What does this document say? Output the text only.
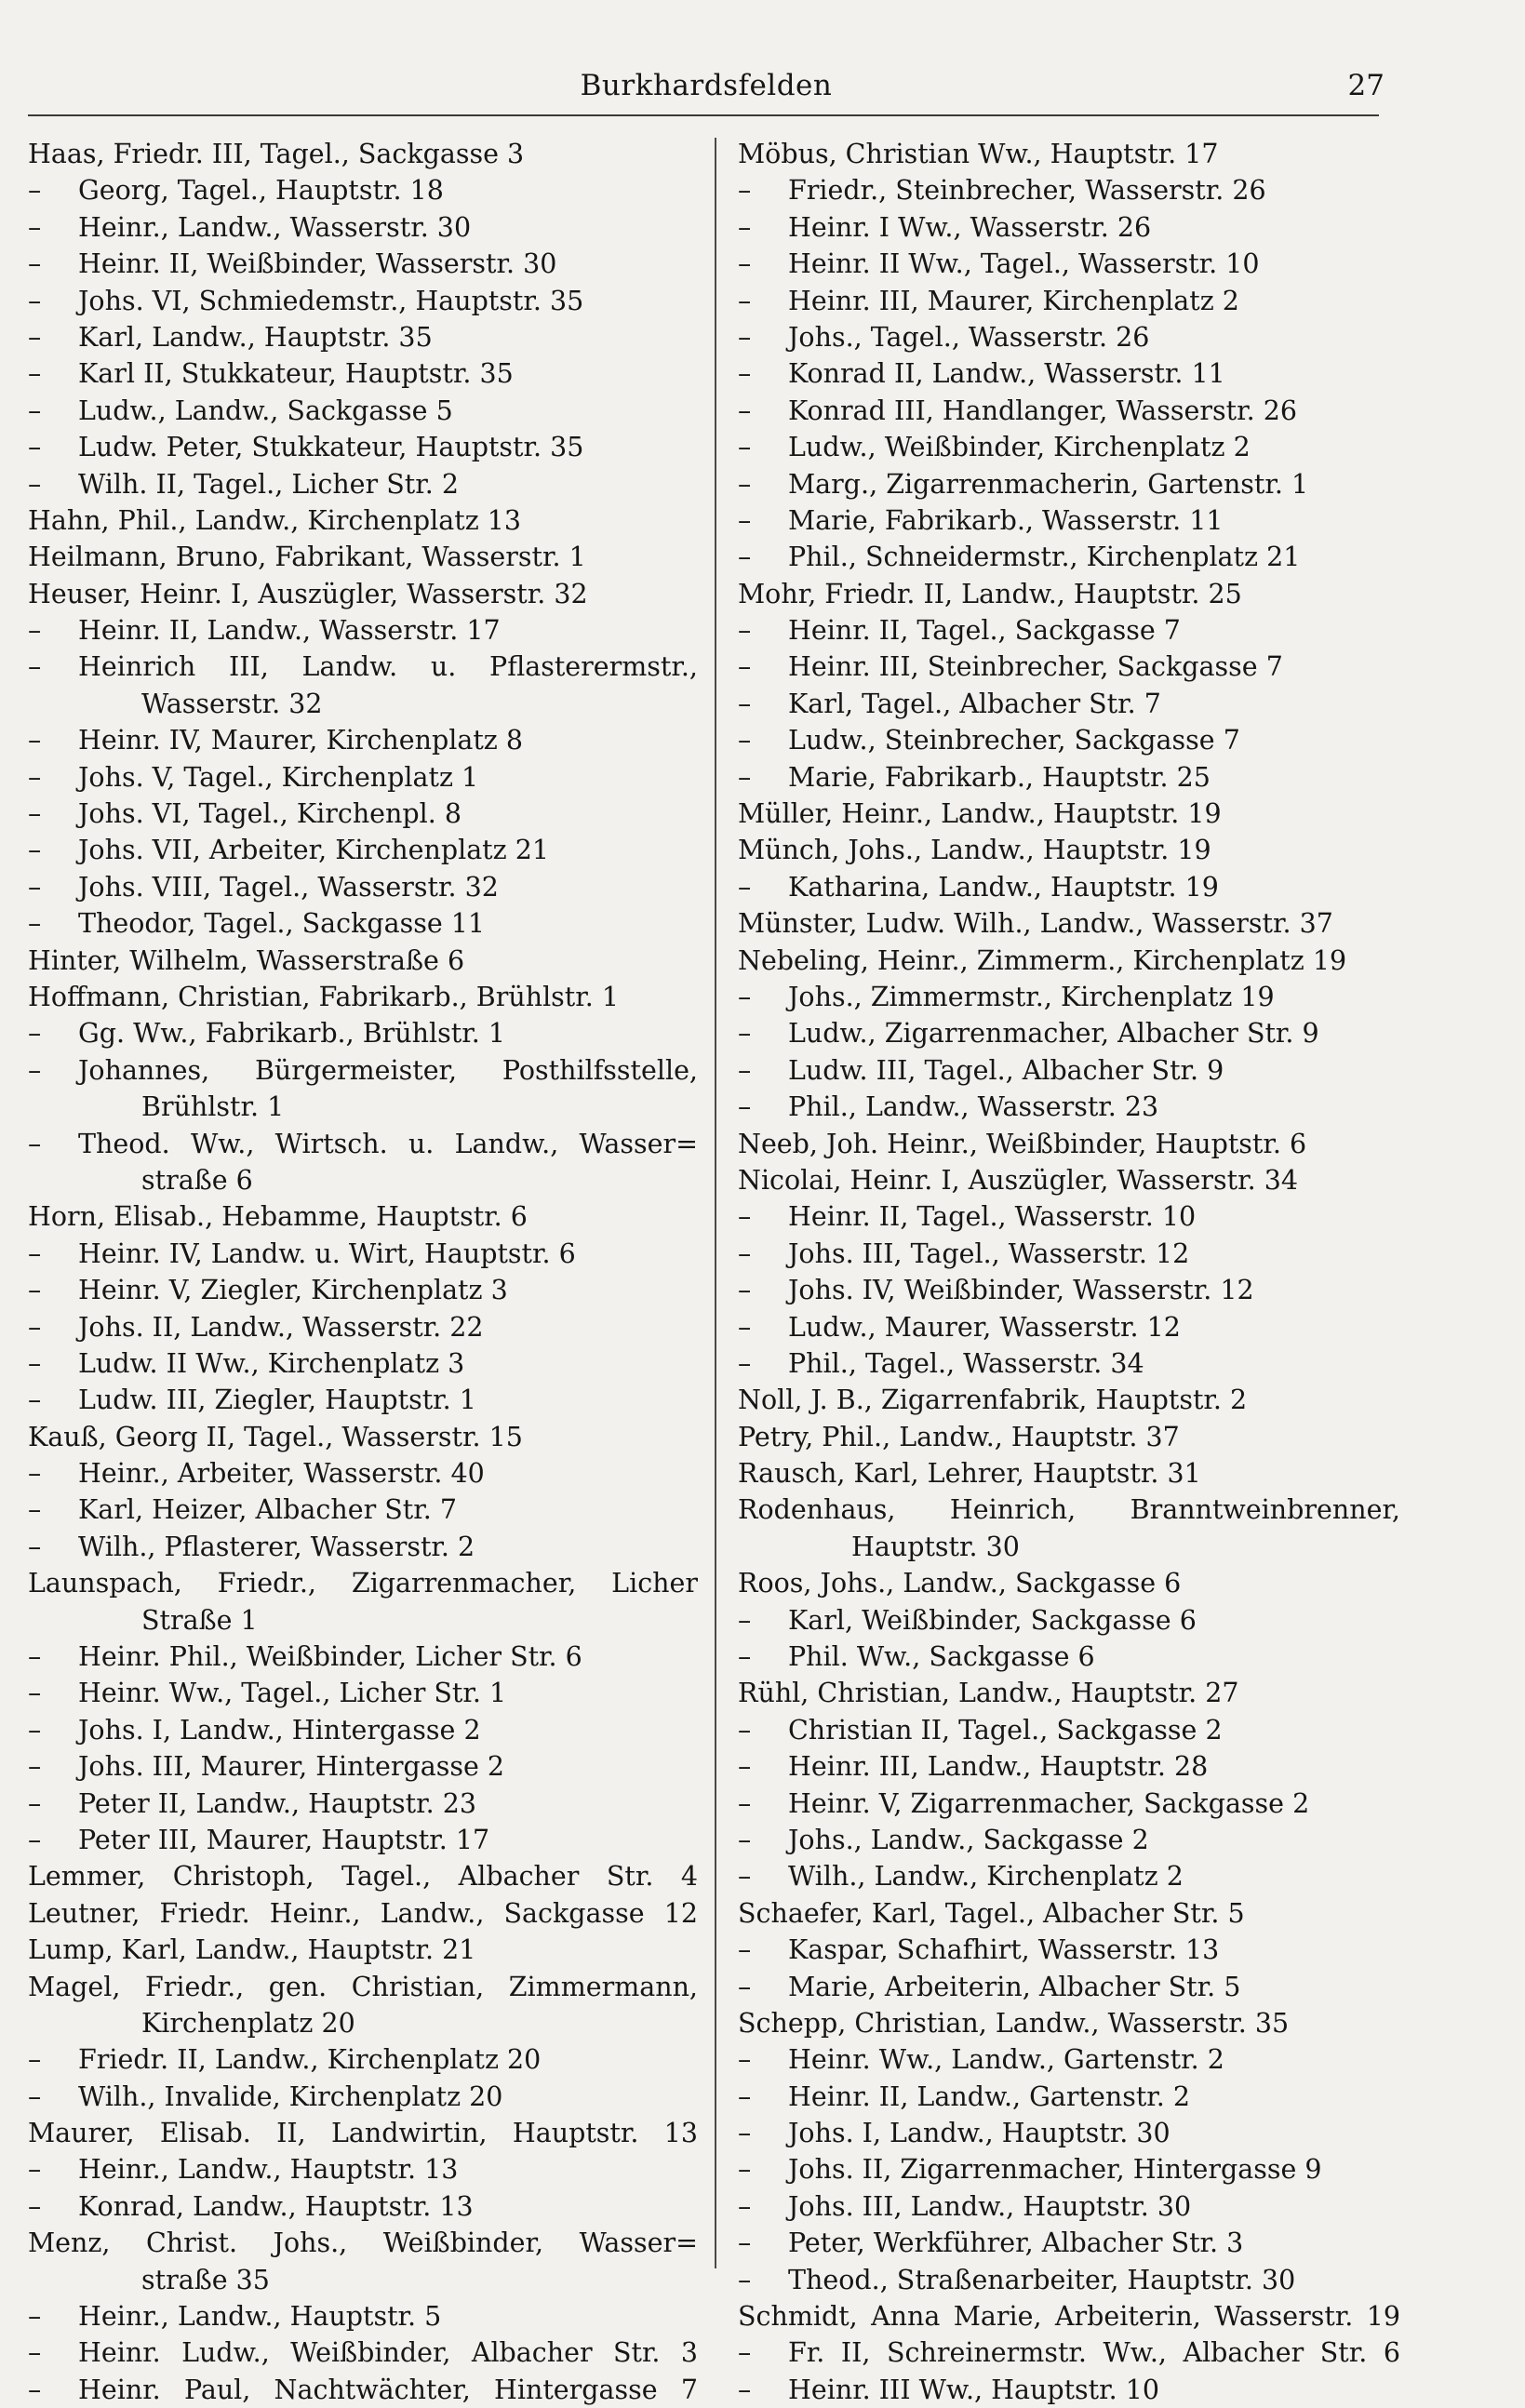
Burkhardsfelden	27
Haas, Friedr. III, Tagel., Sackgasse 3
– Georg, Tagel., Hauptstr. 18
– Heinr., Landw., Wasserstr. 30
– Heinr. II, Weißbinder, Wasserstr. 30
– Johs. VI, Schmiedemstr., Hauptstr. 35
– Karl, Landw., Hauptstr. 35
– Karl II, Stukkateur, Hauptstr. 35
– Ludw., Landw., Sackgasse 5
– Ludw. Peter, Stukkateur, Hauptstr. 35
– Wilh. II, Tagel., Licher Str. 2
Hahn, Phil., Landw., Kirchenplatz 13
Heilmann, Bruno, Fabrikant, Wasserstr. 1
Heuser, Heinr. I, Auszügler, Wasserstr. 32
– Heinr. II, Landw., Wasserstr. 17
–	Heinrich III, Landw. u. Pflasterermstr.,
Wasserstr. 32
– Heinr. IV, Maurer, Kirchenplatz 8
– Johs. V, Tagel., Kirchenplatz 1
– Johs. VI, Tagel., Kirchenpl. 8
– Johs. VII, Arbeiter, Kirchenplatz 21
– Johs. VIII, Tagel., Wasserstr. 32
– Theodor, Tagel., Sackgasse 11
Hinter, Wilhelm, Wasserstraße 6
Hoffmann, Christian, Fabrikarb., Brühlstr. 1
– Gg. Ww., Fabrikarb., Brühlstr. 1
–	Johannes, Bürgermeister, Posthilfsstelle,
Brühlstr. 1
–	Theod. Ww., Wirtsch. u. Landw., Wasser=
straße 6
Horn, Elisab., Hebamme, Hauptstr. 6
– Heinr. IV, Landw. u. Wirt, Hauptstr. 6
– Heinr. V, Ziegler, Kirchenplatz 3
– Johs. II, Landw., Wasserstr. 22
– Ludw. II Ww., Kirchenplatz 3
– Ludw. III, Ziegler, Hauptstr. 1
Kauß, Georg II, Tagel., Wasserstr. 15
– Heinr., Arbeiter, Wasserstr. 40
– Karl, Heizer, Albacher Str. 7
– Wilh., Pflasterer, Wasserstr. 2
Launspach, Friedr., Zigarrenmacher, Licher
Straße 1
– Heinr. Phil., Weißbinder, Licher Str. 6
– Heinr. Ww., Tagel., Licher Str. 1
– Johs. I, Landw., Hintergasse 2
– Johs. III, Maurer, Hintergasse 2
– Peter II, Landw., Hauptstr. 23
– Peter III, Maurer, Hauptstr. 17
Lemmer, Christoph, Tagel., Albacher Str. 4
Leutner, Friedr. Heinr., Landw., Sackgasse 12
Lump, Karl, Landw., Hauptstr. 21
Magel, Friedr., gen. Christian, Zimmermann,
Kirchenplatz 20
– Friedr. II, Landw., Kirchenplatz 20
– Wilh., Invalide, Kirchenplatz 20
Maurer, Elisab. II, Landwirtin, Hauptstr. 13
– Heinr., Landw., Hauptstr. 13
– Konrad, Landw., Hauptstr. 13
Menz, Christ. Johs., Weißbinder, Wasser=
straße 35
– Heinr., Landw., Hauptstr. 5
–	Heinr. Ludw., Weißbinder, Albacher Str. 3
–	Heinr. Paul, Nachtwächter, Hintergasse 7
Möbus, Christian Ww., Hauptstr. 17
– Friedr., Steinbrecher, Wasserstr. 26
– Heinr. I Ww., Wasserstr. 26
– Heinr. II Ww., Tagel., Wasserstr. 10
– Heinr. III, Maurer, Kirchenplatz 2
– Johs., Tagel., Wasserstr. 26
– Konrad II, Landw., Wasserstr. 11
– Konrad III, Handlanger, Wasserstr. 26
– Ludw., Weißbinder, Kirchenplatz 2
– Marg., Zigarrenmacherin, Gartenstr. 1
– Marie, Fabrikarb., Wasserstr. 11
– Phil., Schneidermstr., Kirchenplatz 21
Mohr, Friedr. II, Landw., Hauptstr. 25
– Heinr. II, Tagel., Sackgasse 7
– Heinr. III, Steinbrecher, Sackgasse 7
– Karl, Tagel., Albacher Str. 7
– Ludw., Steinbrecher, Sackgasse 7
– Marie, Fabrikarb., Hauptstr. 25
Müller, Heinr., Landw., Hauptstr. 19
Münch, Johs., Landw., Hauptstr. 19
– Katharina, Landw., Hauptstr. 19
Münster, Ludw. Wilh., Landw., Wasserstr. 37
Nebeling, Heinr., Zimmerm., Kirchenplatz 19
– Johs., Zimmermstr., Kirchenplatz 19
– Ludw., Zigarrenmacher, Albacher Str. 9
– Ludw. III, Tagel., Albacher Str. 9
– Phil., Landw., Wasserstr. 23
Neeb, Joh. Heinr., Weißbinder, Hauptstr. 6
Nicolai, Heinr. I, Auszügler, Wasserstr. 34
– Heinr. II, Tagel., Wasserstr. 10
– Johs. III, Tagel., Wasserstr. 12
– Johs. IV, Weißbinder, Wasserstr. 12
– Ludw., Maurer, Wasserstr. 12
– Phil., Tagel., Wasserstr. 34
Noll, J. B., Zigarrenfabrik, Hauptstr. 2
Petry, Phil., Landw., Hauptstr. 37
Rausch, Karl, Lehrer, Hauptstr. 31
Rodenhaus, Heinrich, Branntweinbrenner,
Hauptstr. 30
Roos, Johs., Landw., Sackgasse 6
– Karl, Weißbinder, Sackgasse 6
– Phil. Ww., Sackgasse 6
Rühl, Christian, Landw., Hauptstr. 27
– Christian II, Tagel., Sackgasse 2
– Heinr. III, Landw., Hauptstr. 28
– Heinr. V, Zigarrenmacher, Sackgasse 2
– Johs., Landw., Sackgasse 2
– Wilh., Landw., Kirchenplatz 2
Schaefer, Karl, Tagel., Albacher Str. 5
– Kaspar, Schafhirt, Wasserstr. 13
– Marie, Arbeiterin, Albacher Str. 5
Schepp, Christian, Landw., Wasserstr. 35
– Heinr. Ww., Landw., Gartenstr. 2
– Heinr. II, Landw., Gartenstr. 2
– Johs. I, Landw., Hauptstr. 30
– Johs. II, Zigarrenmacher, Hintergasse 9
– Johs. III, Landw., Hauptstr. 30
– Peter, Werkführer, Albacher Str. 3
– Theod., Straßenarbeiter, Hauptstr. 30
Schmidt, Anna Marie, Arbeiterin, Wasserstr. 19
–	Fr. II, Schreinermstr. Ww., Albacher Str. 6
– Heinr. III Ww., Hauptstr. 10
